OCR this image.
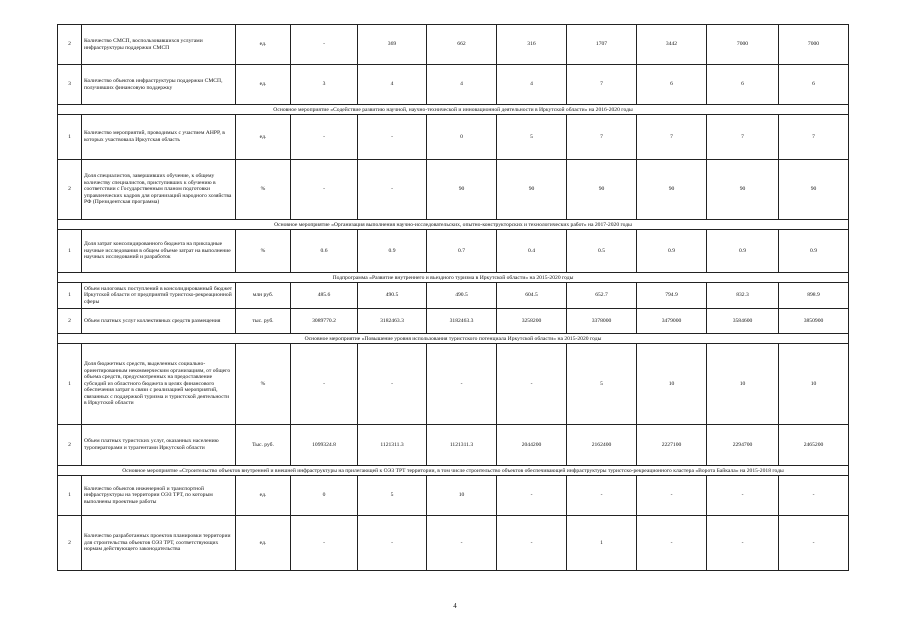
2	Количество СМСП, воспользовавшихся услугами инфраструктуры поддержки СМСП	ед.	-	369	662	316	1707	3442	7000	7000
3	Количество объектов инфраструктуры поддержки СМСП, получивших финансовую поддержку	ед.	3	4	4	4	7	6	6	6
Основное мероприятие «Содействие развитию научной, научно-технической и инновационной деятельности в Иркутской области» на 2016-2020 годы										
1	Количество мероприятий, проводимых с участием АНРР, в которых участвовала Иркутская область	ед.	-	-	0	5	7	7	7	7
2	Доля специалистов, завершивших обучение, к общему количеству специалистов, приступивших к обучению в соответствии с Государственным планом подготовки управленческих кадров для организаций народного хозяйства РФ (Президентская программа)	%	-	-	90	90	90	90	90	90
Основное мероприятие «Организация выполнения научно-исследовательских, опытно-конструкторских и технологических работ» на 2017-2020 годы										
1	Доля затрат консолидированного бюджета на прикладные научные исследования в общем объеме затрат на выполнение научных исследований и разработок	%	0.6	0.9	0.7	0.4	0.5	0.9	0.9	0.9
Подпрограмма «Развитие внутреннего и въездного туризма в Иркутской области» на 2015-2020 годы										
1	Объем налоговых поступлений в консолидированный бюджет Иркутской области от предприятий туристско-рекреационной сферы	млн руб.	485.6	490.5	490.5	604.5	652.7	794.9	832.3	898.9
2	Объем платных услуг коллективных средств размещения	тыс. руб.	3089770.2	3182463.3	3182463.3	3258200	3378000	3479000	3584600	3850900
Основное мероприятие «Повышение уровня использования туристского потенциала Иркутской области» на 2015-2020 годы										
1	Доля бюджетных средств, выделенных социально-ориентированным некоммерческим организациям, от общего объема средств, предусмотренных на предоставление субсидий из областного бюджета в целях финансового обеспечения затрат в связи с реализацией мероприятий, связанных с поддержкой туризма и туристской деятельности в Иркутской области	%	-	-	-	-	5	10	10	10
2	Объем платных туристских услуг, оказанных населению туроператорами и турагентами Иркутской области	Тыс. руб.	1099324.8	1121311.3	1121311.3	2044200	2162400	2227100	2294700	2465200
Основное мероприятие «Строительство объектов внутренней и внешней инфраструктуры на прилегающей к ОЭЗ ТРТ территории, в том числе строительство объектов обеспечивающей инфраструктуры туристско-рекреационного кластера «Ворота Байкала» на 2015-2018 годы										
1	Количество объектов инженерной и транспортной инфраструктуры на территории ОЭЗ ТРТ, по которым выполнены проектные работы	ед.	0	5	10	-	-	-	-	-
2	Количество разработанных проектов планировки территории для строительства объектов ОЭЗ ТРТ, соответствующих нормам действующего законодательства	ед.	-	-	-	-	1	-	-	-
4
